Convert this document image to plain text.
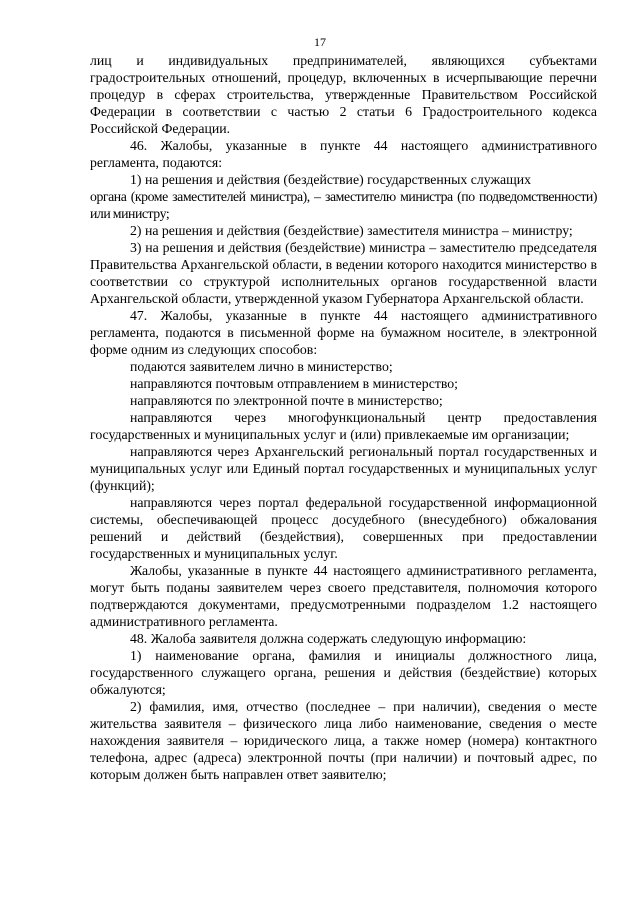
17

лиц и индивидуальных предпринимателей, являющихся субъектами градостроительных отношений, процедур, включенных в исчерпывающие перечни процедур в сферах строительства, утвержденные Правительством Российской Федерации в соответствии с частью 2 статьи 6 Градостроительного кодекса Российской Федерации.

46. Жалобы, указанные в пункте 44 настоящего административного регламента, подаются:

1) на решения и действия (бездействие) государственных служащих

органа (кроме заместителей министра), – заместителю министра (по подведомственности) или министру;

2) на решения и действия (бездействие) заместителя министра – министру;

3) на решения и действия (бездействие) министра – заместителю председателя Правительства Архангельской области, в ведении которого находится министерство в соответствии со структурой исполнительных органов государственной власти Архангельской области, утвержденной указом Губернатора Архангельской области.

47. Жалобы, указанные в пункте 44 настоящего административного регламента, подаются в письменной форме на бумажном носителе, в электронной форме одним из следующих способов:

подаются заявителем лично в министерство;

направляются почтовым отправлением в министерство;

направляются по электронной почте в министерство;

направляются через многофункциональный центр предоставления государственных и муниципальных услуг и (или) привлекаемые им организации;

направляются через Архангельский региональный портал государственных и муниципальных услуг или Единый портал государственных и муниципальных услуг (функций);

направляются через портал федеральной государственной информационной системы, обеспечивающей процесс досудебного (внесудебного) обжалования решений и действий (бездействия), совершенных при предоставлении государственных и муниципальных услуг.

Жалобы, указанные в пункте 44 настоящего административного регламента, могут быть поданы заявителем через своего представителя, полномочия которого подтверждаются документами, предусмотренными подразделом 1.2 настоящего административного регламента.

48. Жалоба заявителя должна содержать следующую информацию:

1) наименование органа, фамилия и инициалы должностного лица, государственного служащего органа, решения и действия (бездействие) которых обжалуются;

2) фамилия, имя, отчество (последнее – при наличии), сведения о месте жительства заявителя – физического лица либо наименование, сведения о месте нахождения заявителя – юридического лица, а также номер (номера) контактного телефона, адрес (адреса) электронной почты (при наличии) и почтовый адрес, по которым должен быть направлен ответ заявителю;
